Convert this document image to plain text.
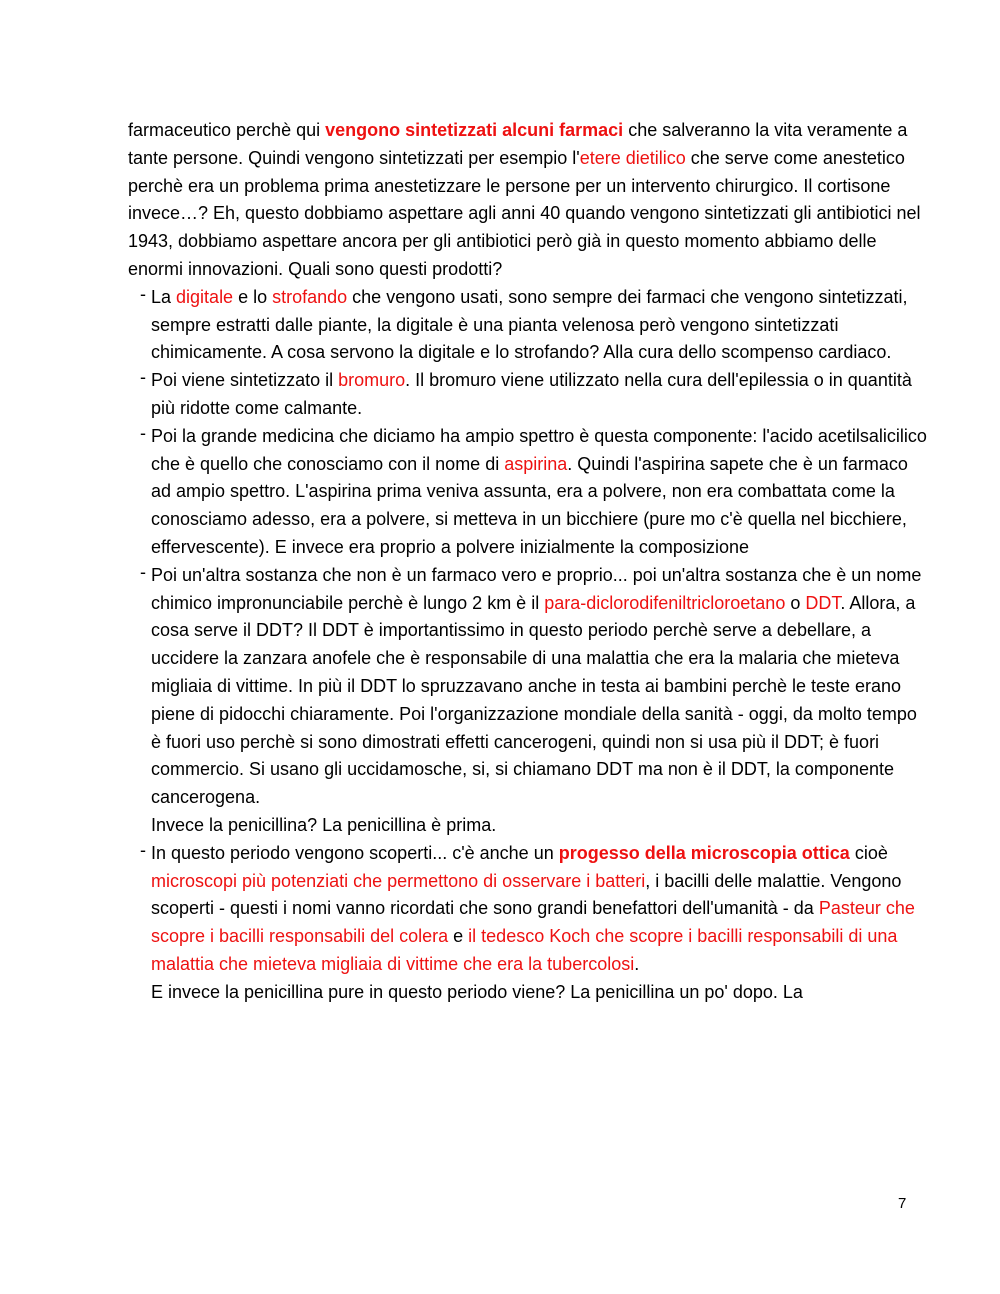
farmaceutico perchè qui vengono sintetizzati alcuni farmaci che salveranno la vita veramente a tante persone. Quindi vengono sintetizzati per esempio l'etere dietilico che serve come anestetico perchè era un problema prima anestetizzare le persone per un intervento chirurgico. Il cortisone invece…? Eh, questo dobbiamo aspettare agli anni 40 quando vengono sintetizzati gli antibiotici nel 1943, dobbiamo aspettare ancora per gli antibiotici però già in questo momento abbiamo delle enormi innovazioni. Quali sono questi prodotti?

- La digitale e lo strofando che vengono usati, sono sempre dei farmaci che vengono sintetizzati, sempre estratti dalle piante, la digitale è una pianta velenosa però vengono sintetizzati chimicamente. A cosa servono la digitale e lo strofando? Alla cura dello scompenso cardiaco.

- Poi viene sintetizzato il bromuro. Il bromuro viene utilizzato nella cura dell'epilessia o in quantità più ridotte come calmante.

- Poi la grande medicina che diciamo ha ampio spettro è questa componente: l'acido acetilsalicilico che è quello che conosciamo con il nome di aspirina. Quindi l'aspirina sapete che è un farmaco ad ampio spettro. L'aspirina prima veniva assunta, era a polvere, non era combattata come la conosciamo adesso, era a polvere, si metteva in un bicchiere (pure mo c'è quella nel bicchiere, effervescente). E invece era proprio a polvere inizialmente la composizione

- Poi un'altra sostanza che non è un farmaco vero e proprio... poi un'altra sostanza che è un nome chimico impronunciabile perchè è lungo 2 km è il para-diclorodifeniltricloroetano o DDT. Allora, a cosa serve il DDT? Il DDT è importantissimo in questo periodo perchè serve a debellare, a uccidere la zanzara anofele che è responsabile di una malattia che era la malaria che mieteva migliaia di vittime. In più il DDT lo spruzzavano anche in testa ai bambini perchè le teste erano piene di pidocchi chiaramente. Poi l'organizzazione mondiale della sanità - oggi, da molto tempo è fuori uso perchè si sono dimostrati effetti cancerogeni, quindi non si usa più il DDT; è fuori commercio. Si usano gli uccidamosche, si, si chiamano DDT ma non è il DDT, la componente cancerogena.

Invece la penicillina? La penicillina è prima.

- In questo periodo vengono scoperti... c'è anche un progesso della microscopia ottica cioè microscopi più potenziati che permettono di osservare i batteri, i bacilli delle malattie. Vengono scoperti - questi i nomi vanno ricordati che sono grandi benefattori dell'umanità - da Pasteur che scopre i bacilli responsabili del colera e il tedesco Koch che scopre i bacilli responsabili di una malattia che mieteva migliaia di vittime che era la tubercolosi.

E invece la penicillina pure in questo periodo viene? La penicillina un po' dopo. La

7
